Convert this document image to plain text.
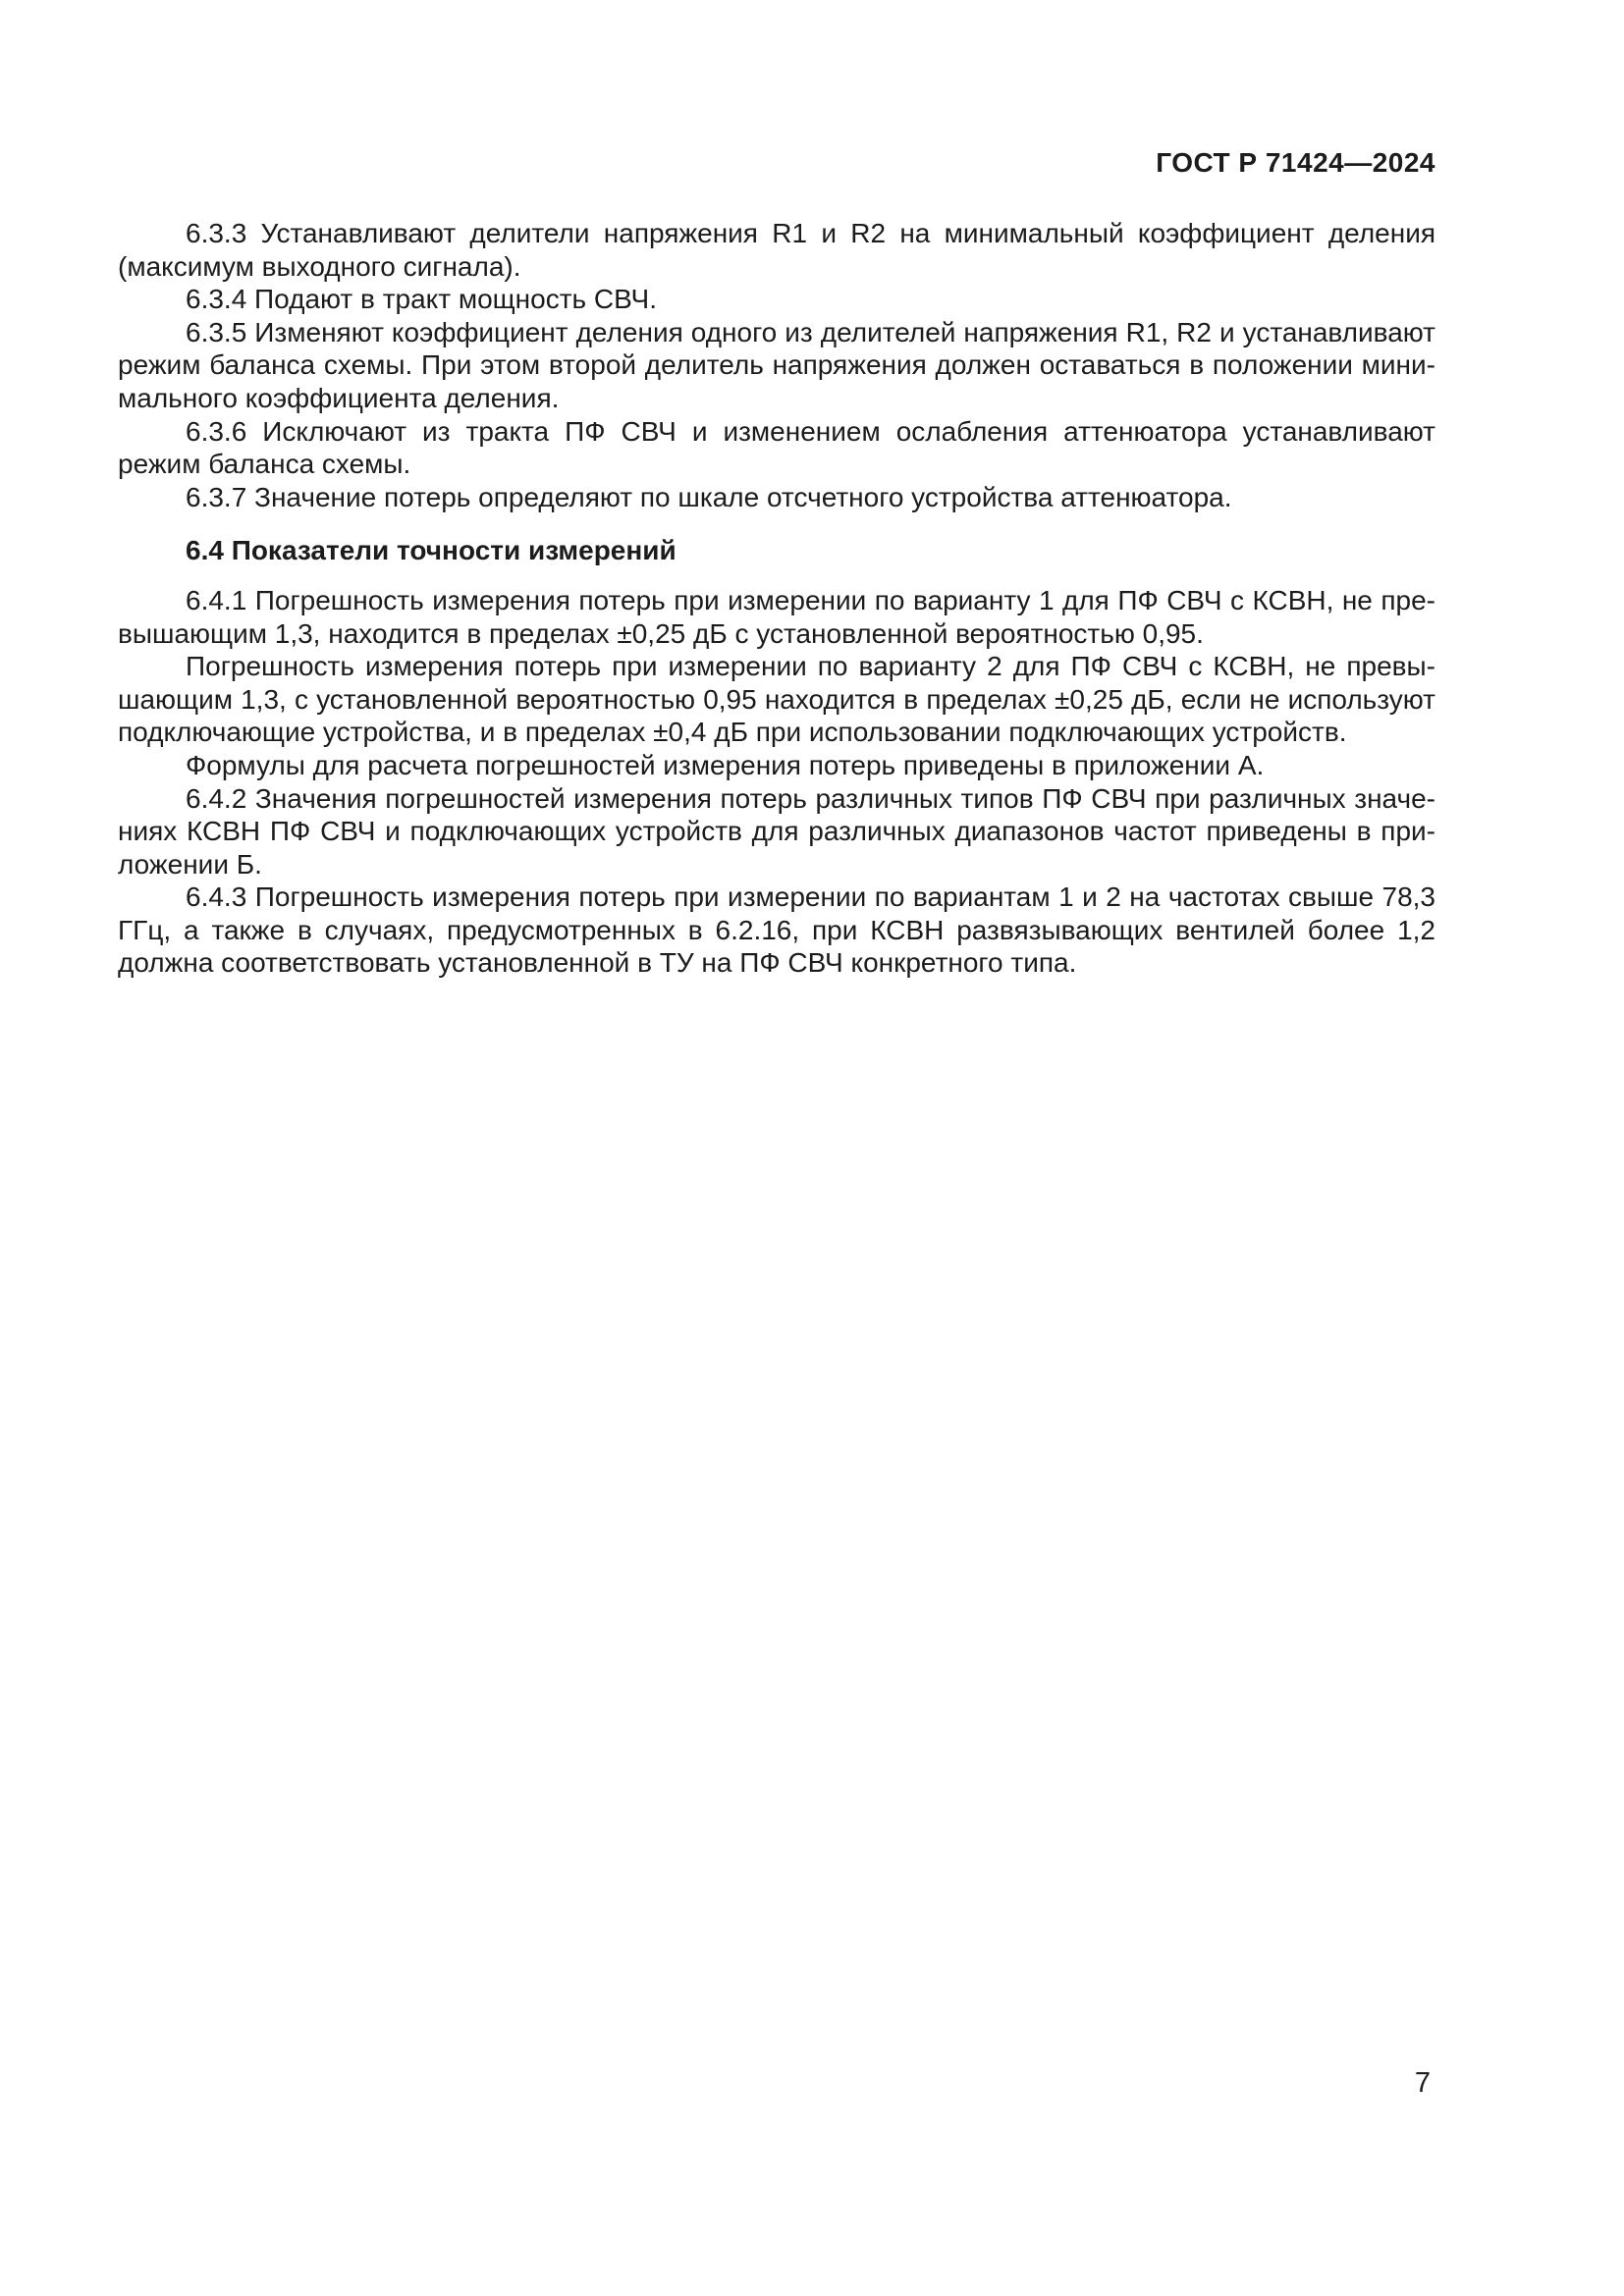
ГОСТ Р 71424—2024

6.3.3 Устанавливают делители напряжения R1 и R2 на минимальный коэффициент деления (максимум выходного сигнала).

6.3.4 Подают в тракт мощность СВЧ.

6.3.5 Изменяют коэффициент деления одного из делителей напряжения R1, R2 и устанавливают режим баланса схемы. При этом второй делитель напряжения должен оставаться в положении минимального коэффициента деления.

6.3.6 Исключают из тракта ПФ СВЧ и изменением ослабления аттенюатора устанавливают режим баланса схемы.

6.3.7 Значение потерь определяют по шкале отсчетного устройства аттенюатора.

6.4 Показатели точности измерений

6.4.1 Погрешность измерения потерь при измерении по варианту 1 для ПФ СВЧ с КСВН, не превышающим 1,3, находится в пределах ±0,25 дБ с установленной вероятностью 0,95.

Погрешность измерения потерь при измерении по варианту 2 для ПФ СВЧ с КСВН, не превышающим 1,3, с установленной вероятностью 0,95 находится в пределах ±0,25 дБ, если не используют подключающие устройства, и в пределах ±0,4 дБ при использовании подключающих устройств.

Формулы для расчета погрешностей измерения потерь приведены в приложении А.

6.4.2 Значения погрешностей измерения потерь различных типов ПФ СВЧ при различных значениях КСВН ПФ СВЧ и подключающих устройств для различных диапазонов частот приведены в приложении Б.

6.4.3 Погрешность измерения потерь при измерении по вариантам 1 и 2 на частотах свыше 78,3 ГГц, а также в случаях, предусмотренных в 6.2.16, при КСВН развязывающих вентилей более 1,2 должна соответствовать установленной в ТУ на ПФ СВЧ конкретного типа.

7
